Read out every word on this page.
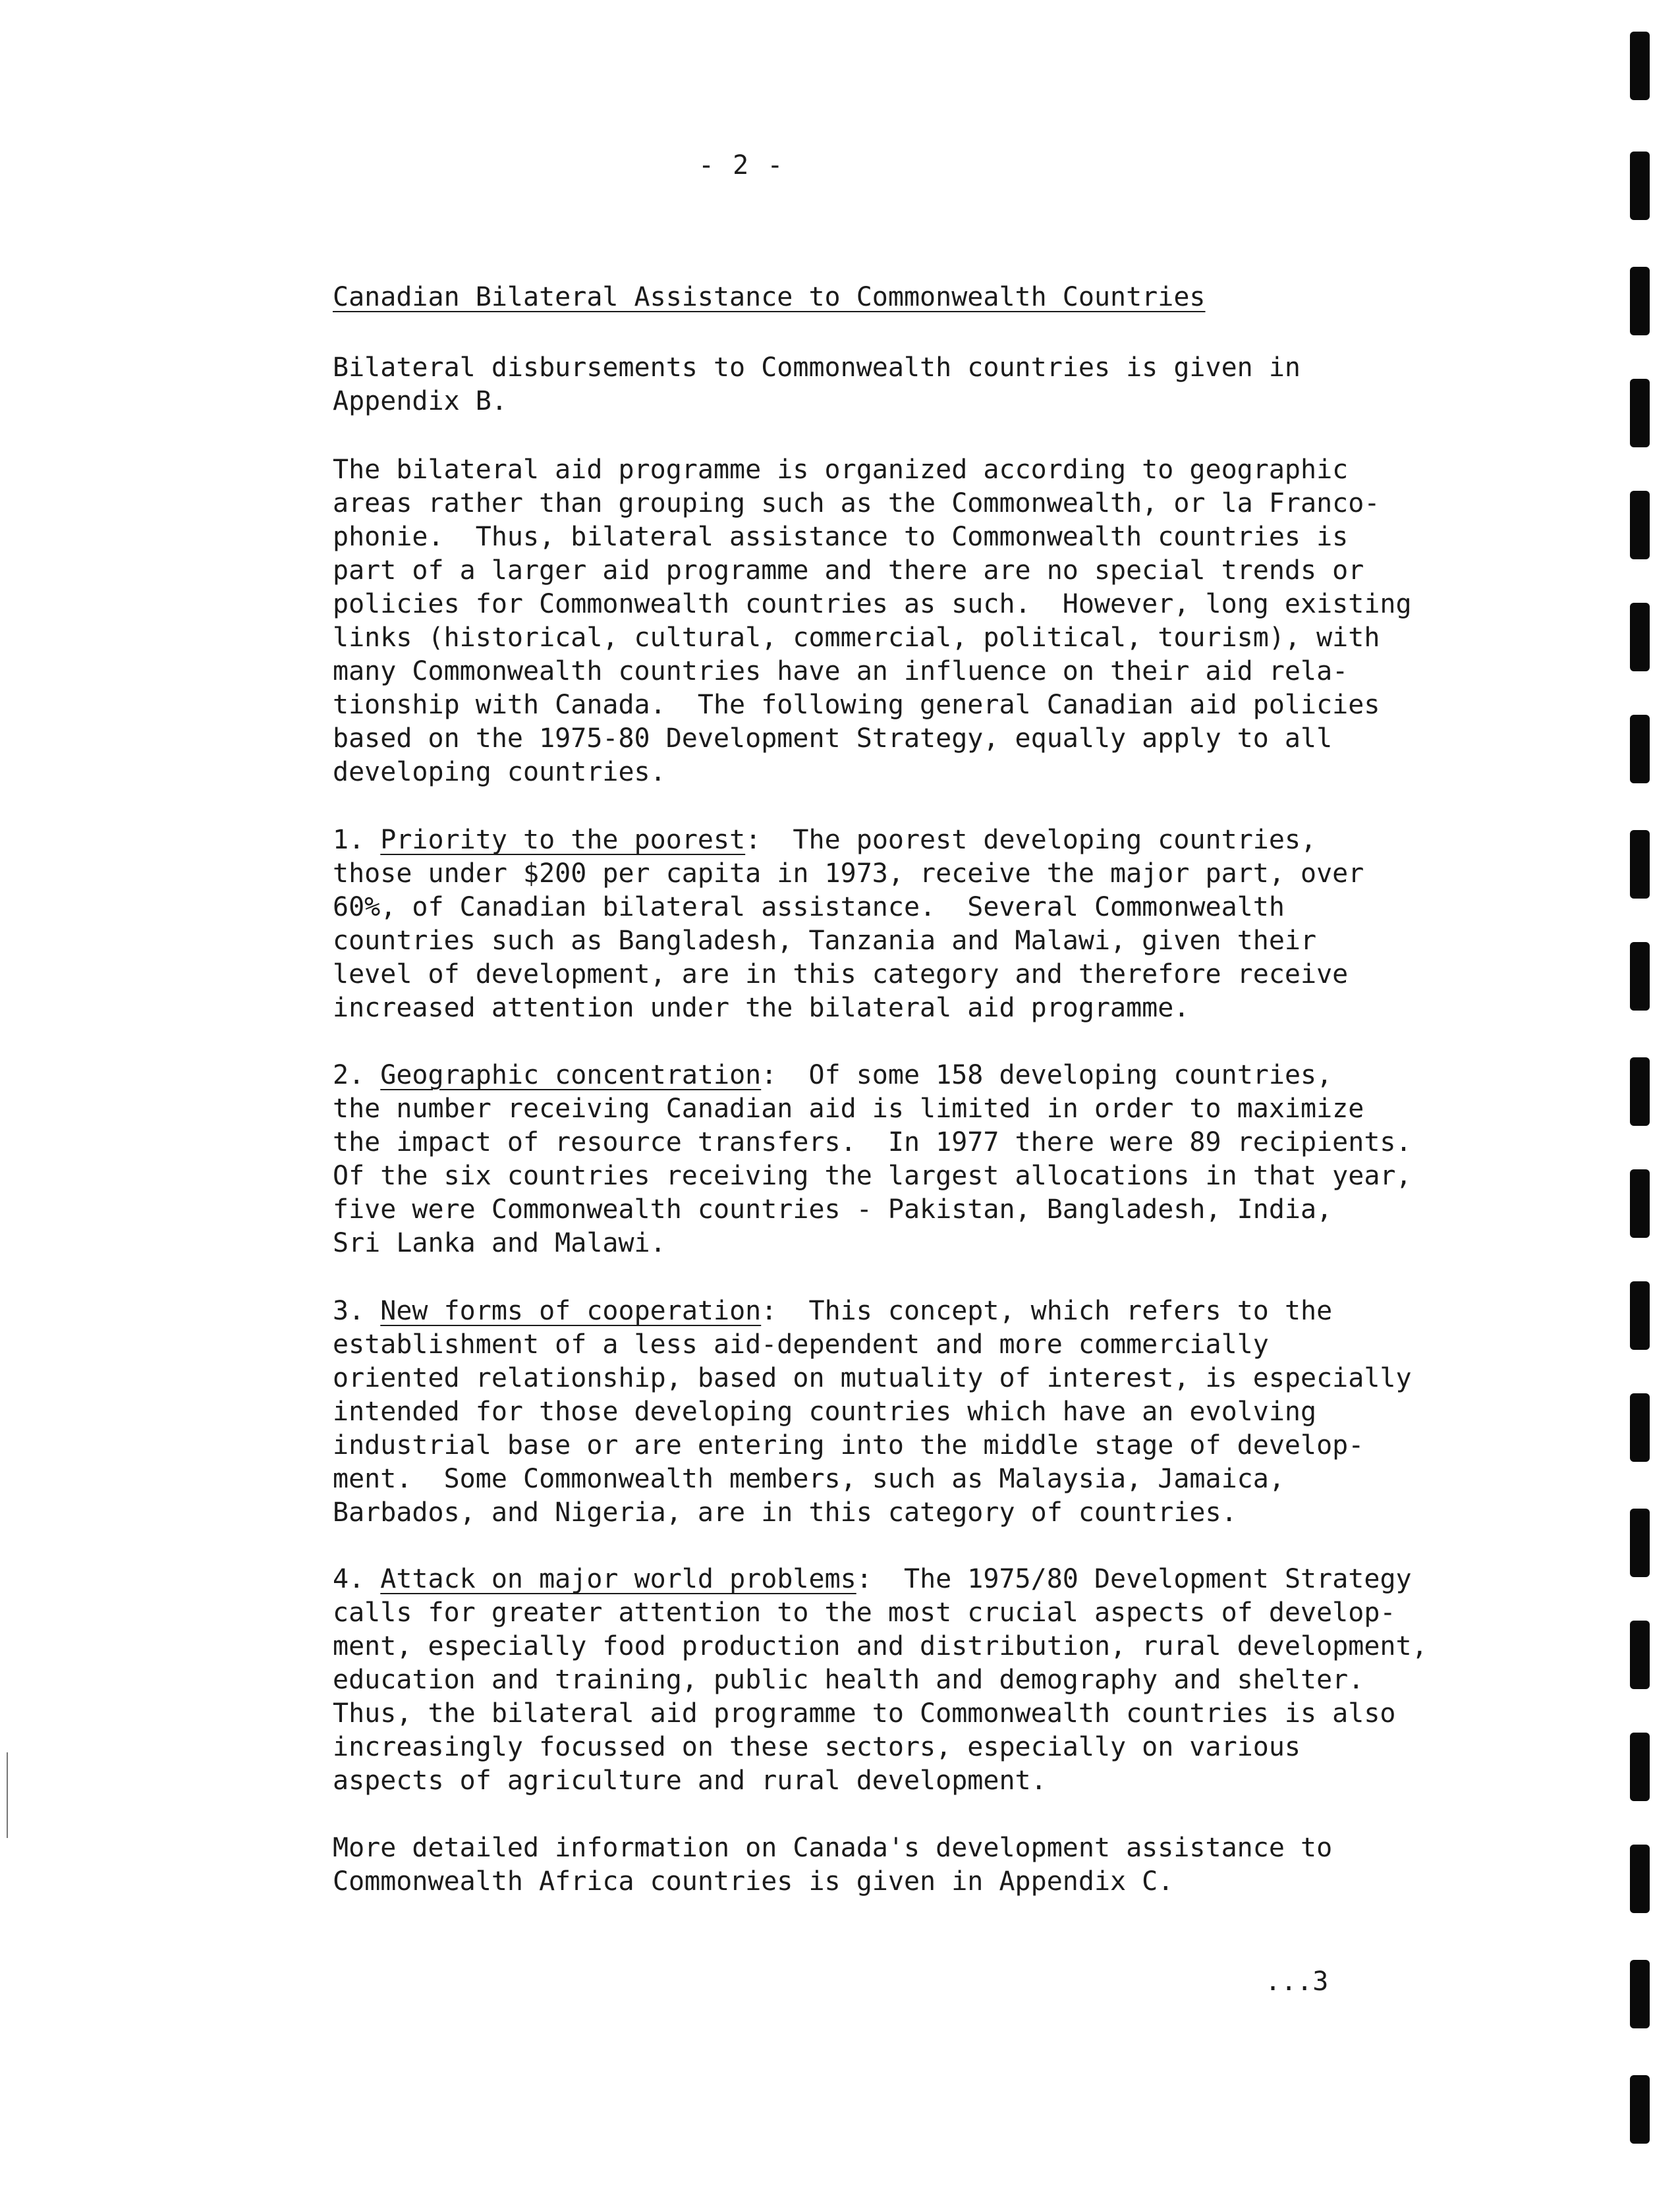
- 2 -
Canadian Bilateral Assistance to Commonwealth Countries
Bilateral disbursements to Commonwealth countries is given in
Appendix B.
The bilateral aid programme is organized according to geographic
areas rather than grouping such as the Commonwealth, or la Franco-
phonie.  Thus, bilateral assistance to Commonwealth countries is
part of a larger aid programme and there are no special trends or
policies for Commonwealth countries as such.  However, long existing
links (historical, cultural, commercial, political, tourism), with
many Commonwealth countries have an influence on their aid rela-
tionship with Canada.  The following general Canadian aid policies
based on the 1975-80 Development Strategy, equally apply to all
developing countries.
1. Priority to the poorest:  The poorest developing countries,
those under $200 per capita in 1973, receive the major part, over
60%, of Canadian bilateral assistance.  Several Commonwealth
countries such as Bangladesh, Tanzania and Malawi, given their
level of development, are in this category and therefore receive
increased attention under the bilateral aid programme.
2. Geographic concentration:  Of some 158 developing countries,
the number receiving Canadian aid is limited in order to maximize
the impact of resource transfers.  In 1977 there were 89 recipients.
Of the six countries receiving the largest allocations in that year,
five were Commonwealth countries - Pakistan, Bangladesh, India,
Sri Lanka and Malawi.
3. New forms of cooperation:  This concept, which refers to the
establishment of a less aid-dependent and more commercially
oriented relationship, based on mutuality of interest, is especially
intended for those developing countries which have an evolving
industrial base or are entering into the middle stage of develop-
ment.  Some Commonwealth members, such as Malaysia, Jamaica,
Barbados, and Nigeria, are in this category of countries.
4. Attack on major world problems:  The 1975/80 Development Strategy
calls for greater attention to the most crucial aspects of develop-
ment, especially food production and distribution, rural development,
education and training, public health and demography and shelter.
Thus, the bilateral aid programme to Commonwealth countries is also
increasingly focussed on these sectors, especially on various
aspects of agriculture and rural development.
More detailed information on Canada's development assistance to
Commonwealth Africa countries is given in Appendix C.
...3
